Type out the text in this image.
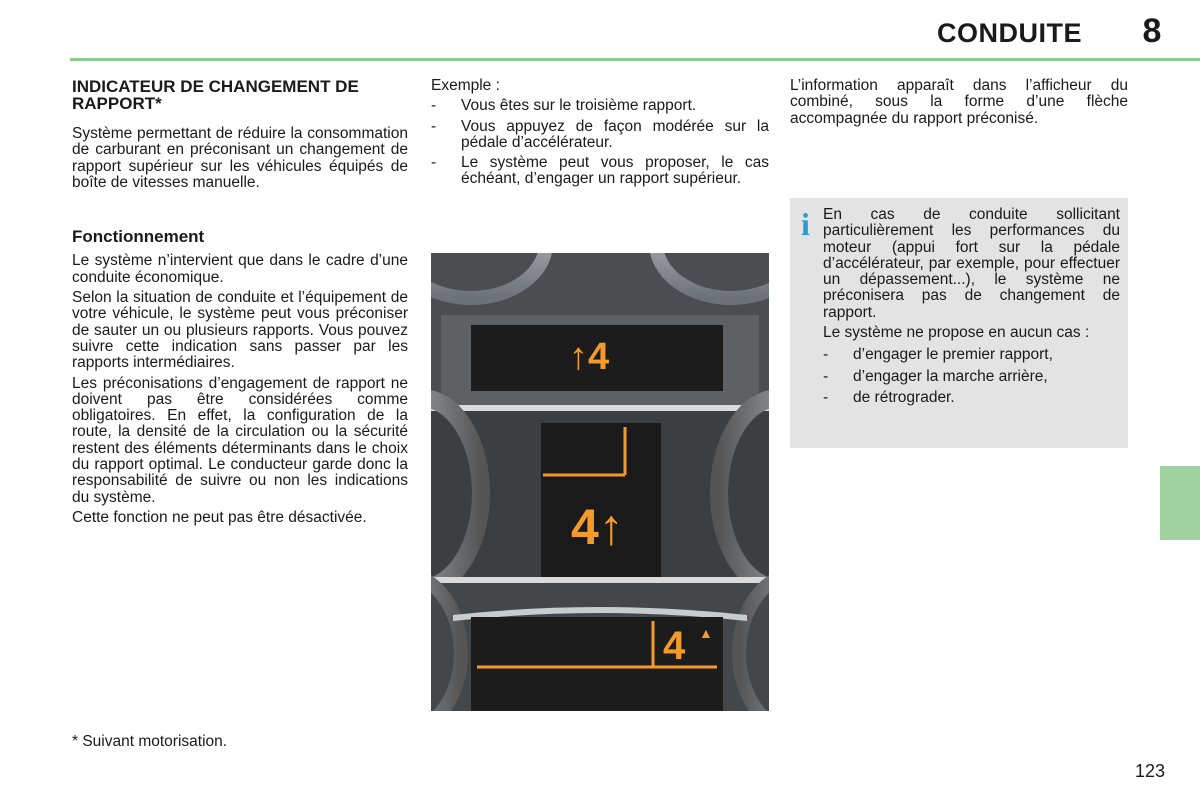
CONDUITE	8
INDICATEUR DE CHANGEMENT DE RAPPORT*

Système permettant de réduire la consommation de carburant en préconisant un changement de rapport supérieur sur les véhicules équipés de boîte de vitesses manuelle.

Fonctionnement

Le système n’intervient que dans le cadre d’une conduite économique.

Selon la situation de conduite et l’équipement de votre véhicule, le système peut vous préconiser de sauter un ou plusieurs rapports. Vous pouvez suivre cette indication sans passer par les rapports intermédiaires.

Les préconisations d’engagement de rapport ne doivent pas être considérées comme obligatoires. En effet, la configuration de la route, la densité de la circulation ou la sécurité restent des éléments déterminants dans le choix du rapport optimal. Le conducteur garde donc la responsabilité de suivre ou non les indications du système.

Cette fonction ne peut pas être désactivée.

Exemple :

- Vous êtes sur le troisième rapport.
- Vous appuyez de façon modérée sur la pédale d’accélérateur.
- Le système peut vous proposer, le cas échéant, d’engager un rapport supérieur.
↑4
4↑
4 ▲

L’information apparaît dans l’afficheur du combiné, sous la forme d’une flèche accompagnée du rapport préconisé.

i En cas de conduite sollicitant particulièrement les performances du moteur (appui fort sur la pédale d’accélérateur, par exemple, pour effectuer un dépassement...), le système ne préconisera pas de changement de rapport.

Le système ne propose en aucun cas :

- d’engager le premier rapport,
- d’engager la marche arrière,
- de rétrograder.
* Suivant motorisation.
123
